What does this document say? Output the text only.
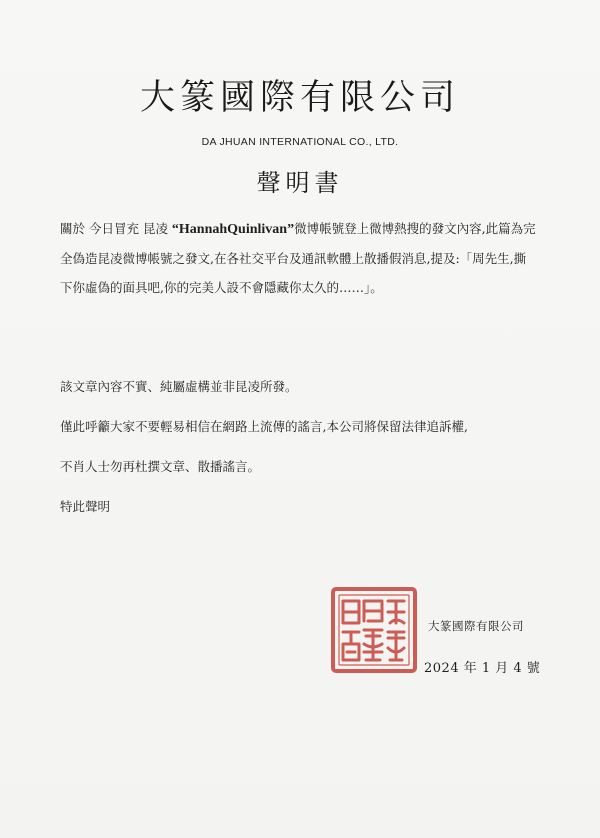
大篆國際有限公司
DA JHUAN INTERNATIONAL CO., LTD.
聲明書
關於 今日冒充 昆凌 “HannahQuinlivan”微博帳號登上微博熱搜的發文內容,此篇為完全偽造昆凌微博帳號之發文,在各社交平台及通訊軟體上散播假消息,提及:「周先生,撕下你虛偽的面具吧,你的完美人設不會隱藏你太久的……」。
該文章內容不實、純屬虛構並非昆凌所發。
僅此呼籲大家不要輕易相信在網路上流傳的謠言,本公司將保留法律追訴權,
不肖人士勿再杜撰文章、散播謠言。
特此聲明
大篆國際有限公司
2024 年 1 月 4 號
